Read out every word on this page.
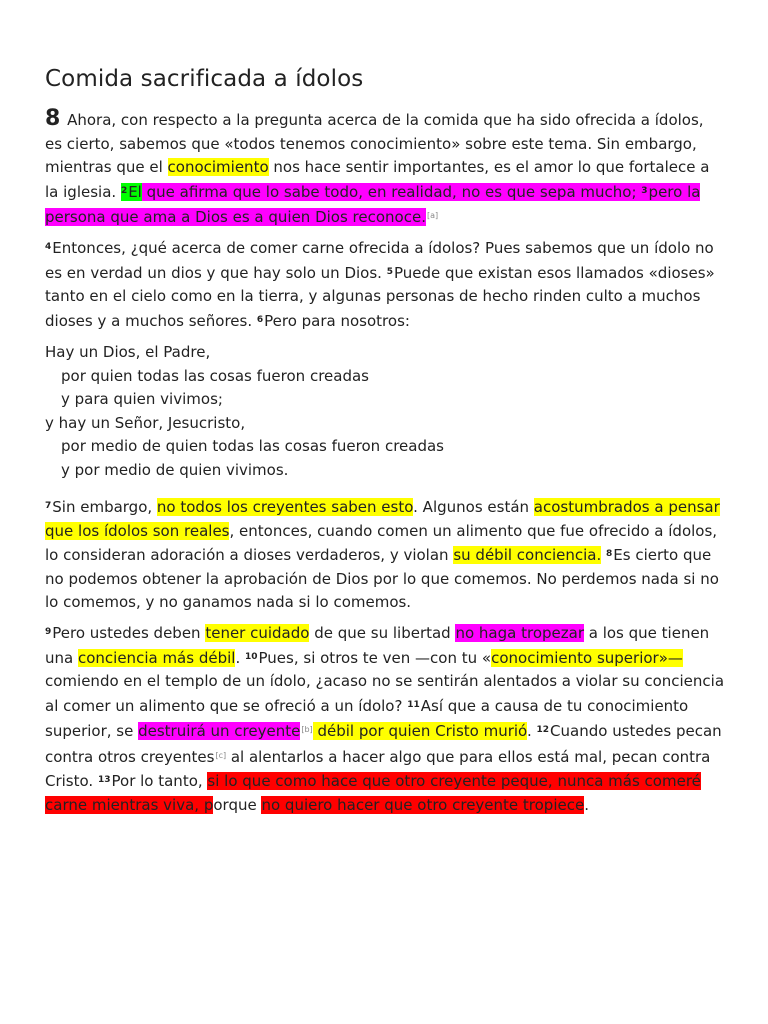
Comida sacrificada a ídolos

8 Ahora, con respecto a la pregunta acerca de la comida que ha sido ofrecida a ídolos, es cierto, sabemos que «todos tenemos conocimiento» sobre este tema. Sin embargo, mientras que el conocimiento nos hace sentir importantes, es el amor lo que fortalece a la iglesia. $^2$El que afirma que lo sabe todo, en realidad, no es que sepa mucho; $^3$pero la persona que ama a Dios es a quien Dios reconoce.[a]

$^4$Entonces, ¿qué acerca de comer carne ofrecida a ídolos? Pues sabemos que un ídolo no es en verdad un dios y que hay solo un Dios. $^5$Puede que existan esos llamados «dioses» tanto en el cielo como en la tierra, y algunas personas de hecho rinden culto a muchos dioses y a muchos señores. $^6$Pero para nosotros:

Hay un Dios, el Padre,
por quien todas las cosas fueron creadas
y para quien vivimos;
y hay un Señor, Jesucristo,
por medio de quien todas las cosas fueron creadas
y por medio de quien vivimos.

$^7$Sin embargo, no todos los creyentes saben esto. Algunos están acostumbrados a pensar que los ídolos son reales, entonces, cuando comen un alimento que fue ofrecido a ídolos, lo consideran adoración a dioses verdaderos, y violan su débil conciencia. $^8$Es cierto que no podemos obtener la aprobación de Dios por lo que comemos. No perdemos nada si no lo comemos, y no ganamos nada si lo comemos.

$^9$Pero ustedes deben tener cuidado de que su libertad no haga tropezar a los que tienen una conciencia más débil. $^{10}$Pues, si otros te ven —con tu «conocimiento superior»— comiendo en el templo de un ídolo, ¿acaso no se sentirán alentados a violar su conciencia al comer un alimento que se ofreció a un ídolo? $^{11}$Así que a causa de tu conocimiento superior, se destruirá un creyente[b] débil por quien Cristo murió. $^{12}$Cuando ustedes pecan contra otros creyentes[c] al alentarlos a hacer algo que para ellos está mal, pecan contra Cristo. $^{13}$Por lo tanto, si lo que como hace que otro creyente peque, nunca más comeré carne mientras viva, porque no quiero hacer que otro creyente tropiece.
